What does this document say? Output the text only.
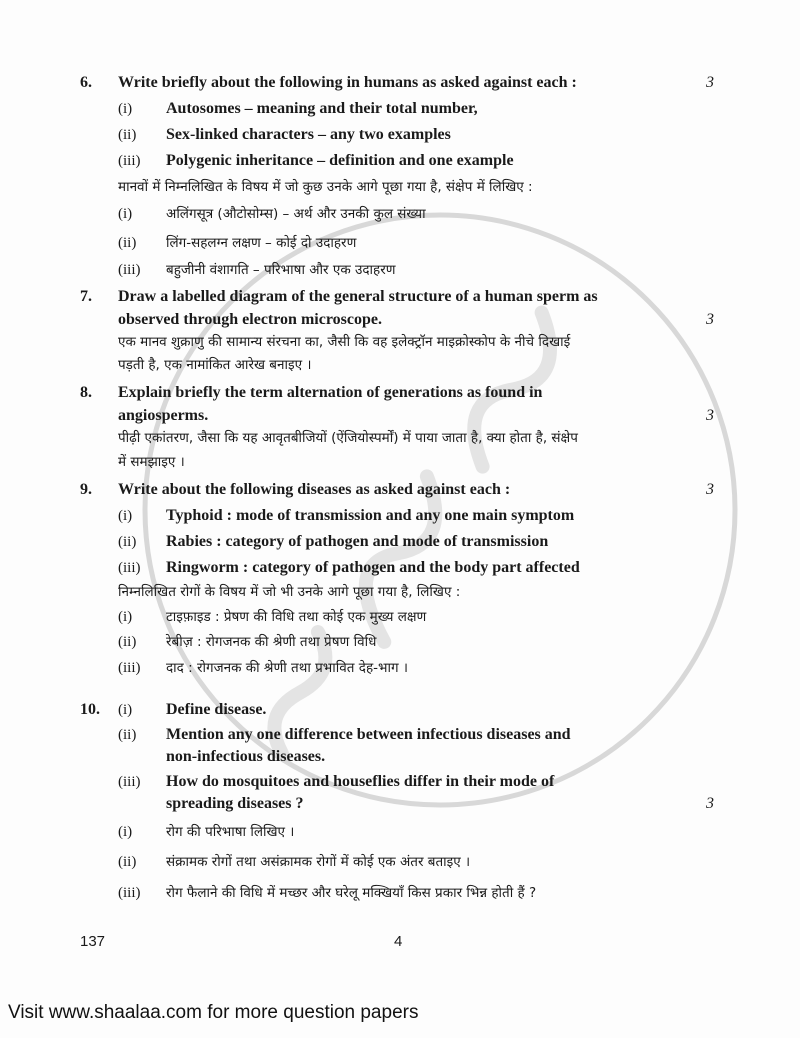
6. Write briefly about the following in humans as asked against each :	3
(i) Autosomes – meaning and their total number,
(ii) Sex-linked characters – any two examples
(iii) Polygenic inheritance – definition and one example
मानवों में निम्नलिखित के विषय में जो कुछ उनके आगे पूछा गया है, संक्षेप में लिखिए :
(i)	अलिंगसूत्र (औटोसोम्स) – अर्थ और उनकी कुल संख्या
(ii) लिंग-सहलग्न लक्षण – कोई दो उदाहरण
(iii) बहुजीनी वंशागति – परिभाषा और एक उदाहरण
7. Draw a labelled diagram of the general structure of a human sperm as
observed through electron microscope.	3
एक मानव शुक्राणु की सामान्य संरचना का, जैसी कि वह इलेक्ट्रॉन माइक्रोस्कोप के नीचे दिखाई
पड़ती है, एक नामांकित आरेख बनाइए ।
8. Explain briefly the term alternation of generations as found in
angiosperms.	3
पीढ़ी एकांतरण, जैसा कि यह आवृतबीजियों (ऐंजियोस्पर्मों) में पाया जाता है, क्या होता है, संक्षेप
में समझाइए ।
9. Write about the following diseases as asked against each :	3
(i) Typhoid : mode of transmission and any one main symptom
(ii) Rabies : category of pathogen and mode of transmission
(iii) Ringworm : category of pathogen and the body part affected
निम्नलिखित रोगों के विषय में जो भी उनके आगे पूछा गया है, लिखिए :
(i)	टाइफ़ाइड : प्रेषण की विधि तथा कोई एक मुख्य लक्षण
(ii) रेबीज़ : रोगजनक की श्रेणी तथा प्रेषण विधि
(iii) दाद : रोगजनक की श्रेणी तथा प्रभावित देह-भाग ।
10. (i) Define disease.
(ii) Mention any one difference between infectious diseases and
non-infectious diseases.
(iii) How do mosquitoes and houseflies differ in their mode of
spreading diseases ?	3
(i)	रोग की परिभाषा लिखिए ।
(ii) संक्रामक रोगों तथा असंक्रामक रोगों में कोई एक अंतर बताइए ।
(iii) रोग फैलाने की विधि में मच्छर और घरेलू मक्खियाँ किस प्रकार भिन्न होती हैं ?
137	4
Visit www.shaalaa.com for more question papers
